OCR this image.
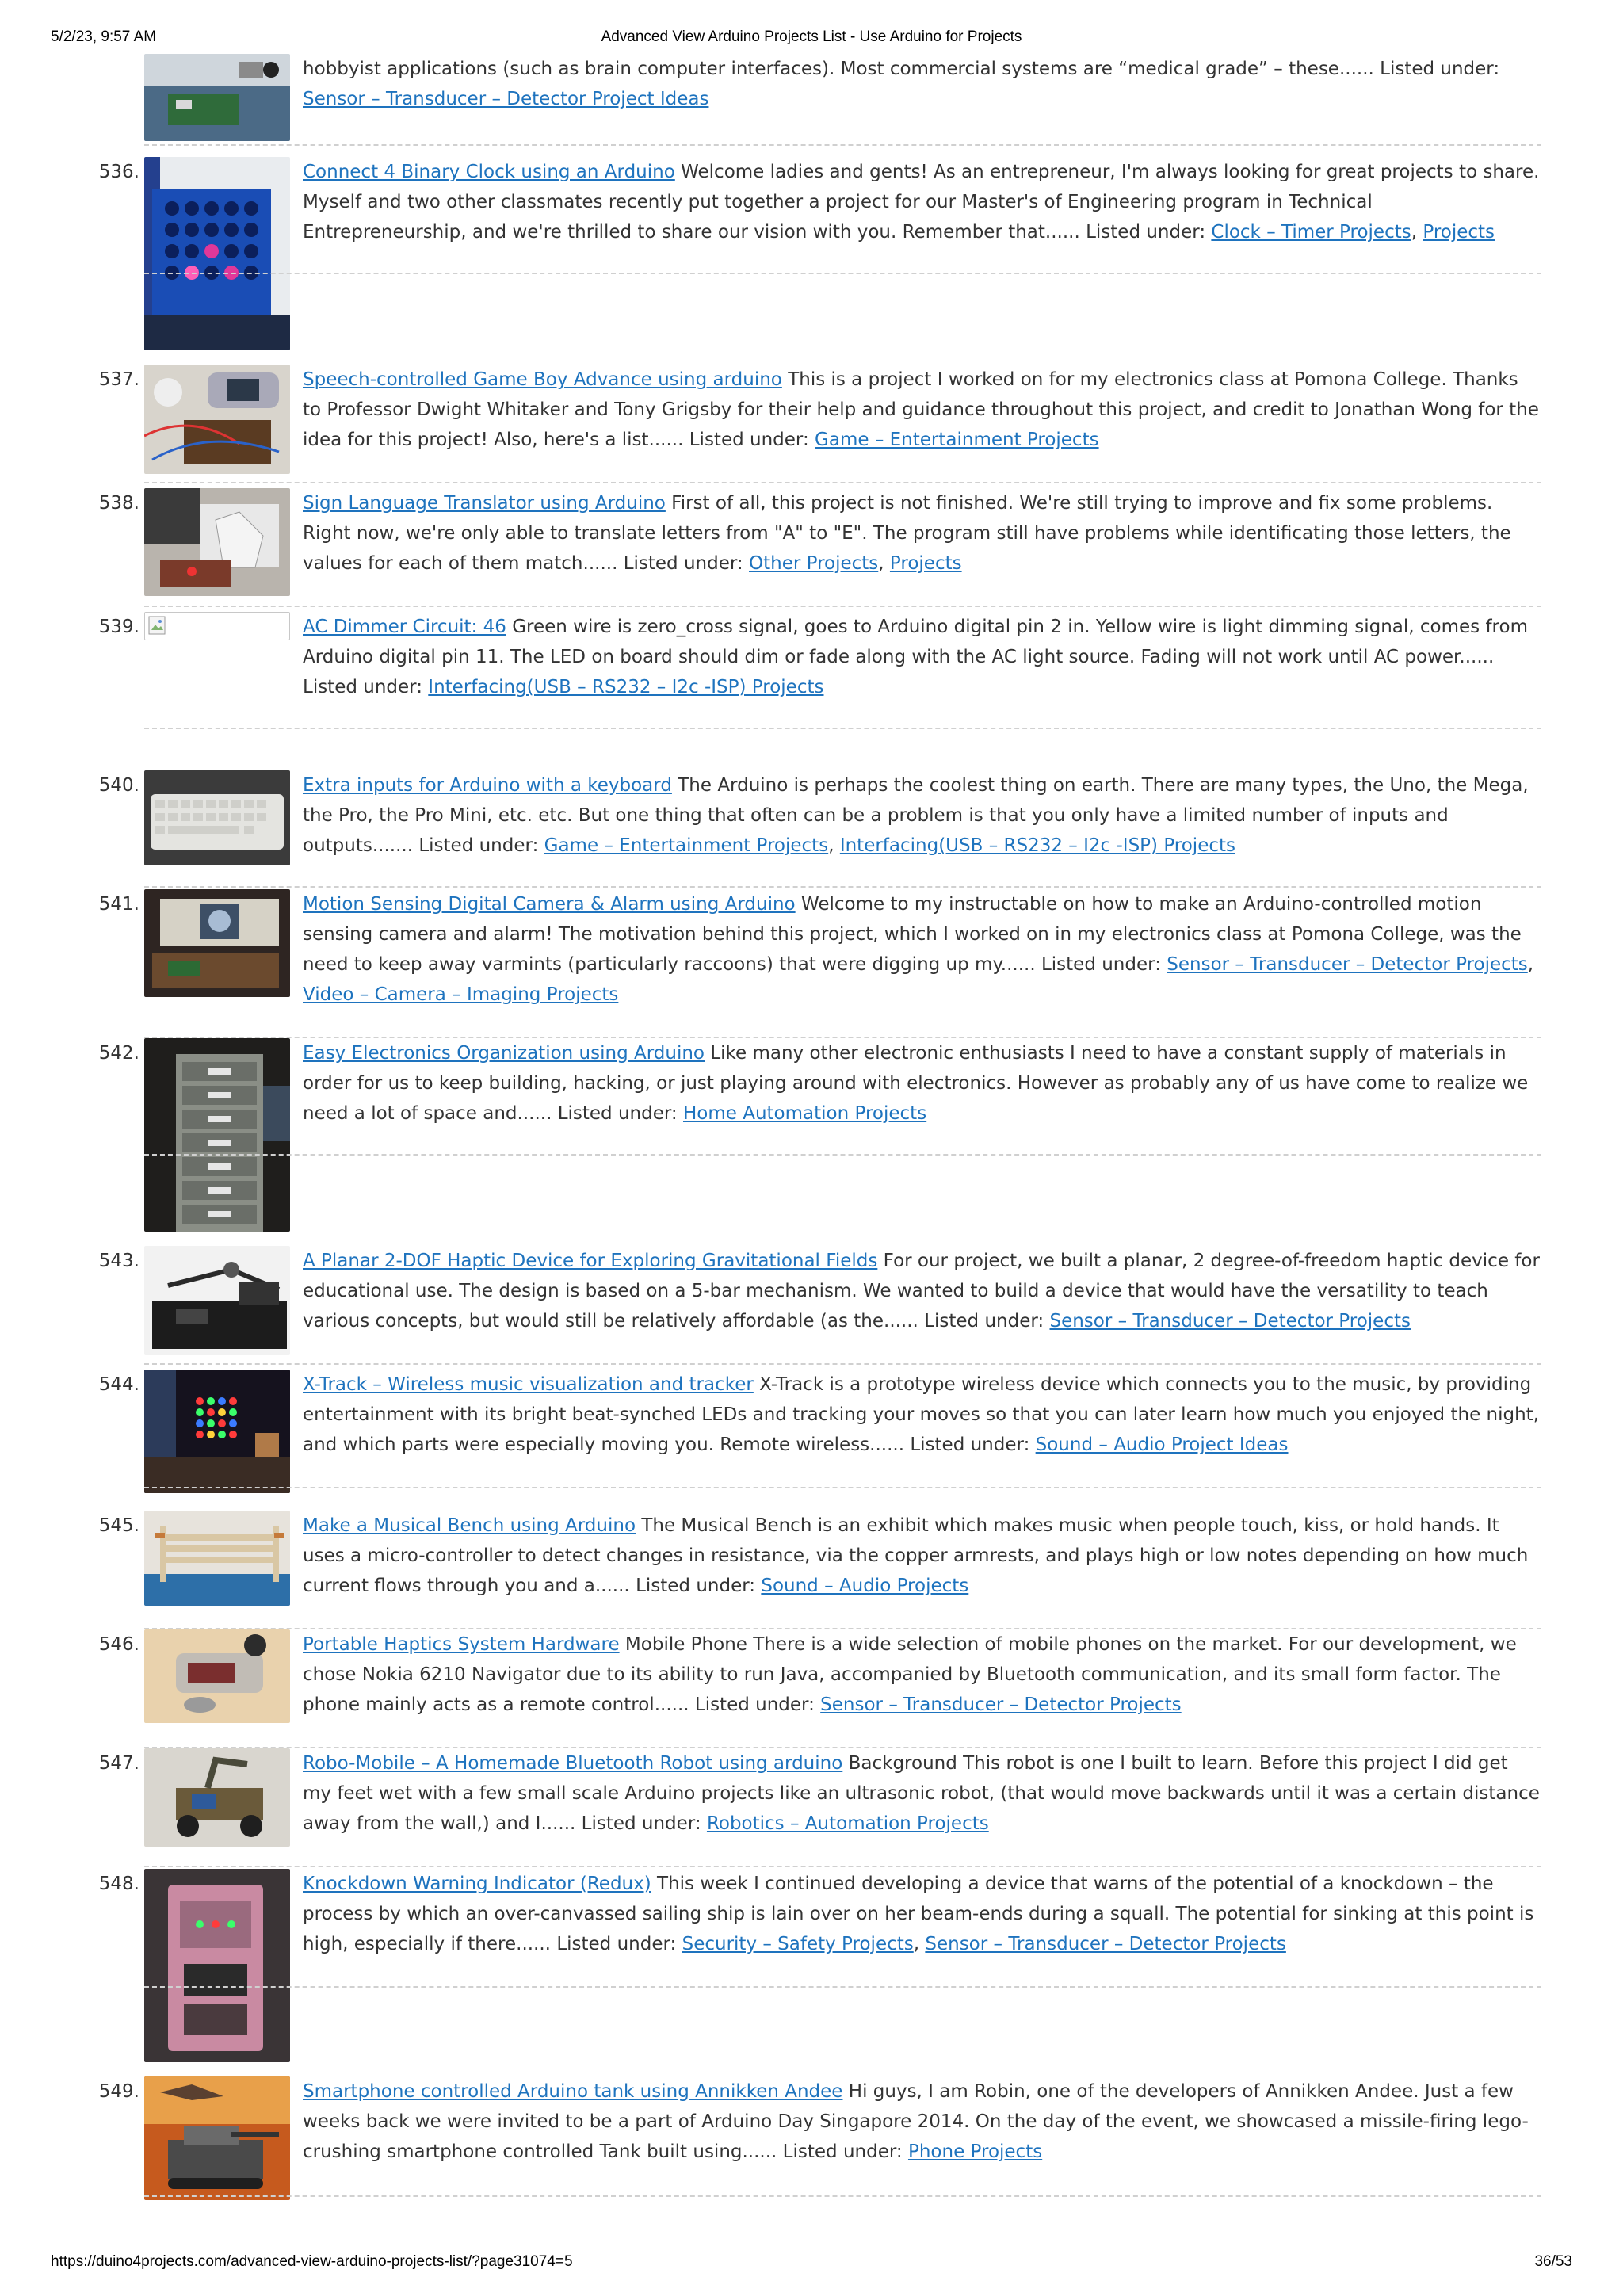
5/2/23, 9:57 AM	Advanced View Arduino Projects List - Use Arduino for Projects
hobbyist applications (such as brain computer interfaces). Most commercial systems are “medical grade” – these...... Listed under: Sensor – Transducer – Detector Project Ideas
536.	Connect 4 Binary Clock using an Arduino Welcome ladies and gents! As an entrepreneur, I'm always looking for great projects to share. Myself and two other classmates recently put together a project for our Master's of Engineering program in Technical Entrepreneurship, and we're thrilled to share our vision with you. Remember that...... Listed under: Clock – Timer Projects, Projects
537.	Speech-controlled Game Boy Advance using arduino This is a project I worked on for my electronics class at Pomona College. Thanks to Professor Dwight Whitaker and Tony Grigsby for their help and guidance throughout this project, and credit to Jonathan Wong for the idea for this project! Also, here's a list...... Listed under: Game – Entertainment Projects
538.	Sign Language Translator using Arduino First of all, this project is not finished. We're still trying to improve and fix some problems. Right now, we're only able to translate letters from "A" to "E". The program still have problems while identificating those letters, the values for each of them match...... Listed under: Other Projects, Projects
539.	AC Dimmer Circuit: 46 Green wire is zero_cross signal, goes to Arduino digital pin 2 in. Yellow wire is light dimming signal, comes from Arduino digital pin 11. The LED on board should dim or fade along with the AC light source. Fading will not work until AC power...... Listed under: Interfacing(USB – RS232 – I2c -ISP) Projects
540.	Extra inputs for Arduino with a keyboard The Arduino is perhaps the coolest thing on earth. There are many types, the Uno, the Mega, the Pro, the Pro Mini, etc. etc. But one thing that often can be a problem is that you only have a limited number of inputs and outputs....... Listed under: Game – Entertainment Projects, Interfacing(USB – RS232 – I2c -ISP) Projects
541.	Motion Sensing Digital Camera & Alarm using Arduino Welcome to my instructable on how to make an Arduino-controlled motion sensing camera and alarm! The motivation behind this project, which I worked on in my electronics class at Pomona College, was the need to keep away varmints (particularly raccoons) that were digging up my...... Listed under: Sensor – Transducer – Detector Projects, Video – Camera – Imaging Projects
542.	Easy Electronics Organization using Arduino Like many other electronic enthusiasts I need to have a constant supply of materials in order for us to keep building, hacking, or just playing around with electronics. However as probably any of us have come to realize we need a lot of space and...... Listed under: Home Automation Projects
543.	A Planar 2-DOF Haptic Device for Exploring Gravitational Fields For our project, we built a planar, 2 degree-of-freedom haptic device for educational use. The design is based on a 5-bar mechanism. We wanted to build a device that would have the versatility to teach various concepts, but would still be relatively affordable (as the...... Listed under: Sensor – Transducer – Detector Projects
544.	X-Track – Wireless music visualization and tracker X-Track is a prototype wireless device which connects you to the music, by providing entertainment with its bright beat-synched LEDs and tracking your moves so that you can later learn how much you enjoyed the night, and which parts were especially moving you. Remote wireless...... Listed under: Sound – Audio Project Ideas
545.	Make a Musical Bench using Arduino The Musical Bench is an exhibit which makes music when people touch, kiss, or hold hands. It uses a micro-controller to detect changes in resistance, via the copper armrests, and plays high or low notes depending on how much current flows through you and a...... Listed under: Sound – Audio Projects
546.	Portable Haptics System Hardware Mobile Phone There is a wide selection of mobile phones on the market. For our development, we chose Nokia 6210 Navigator due to its ability to run Java, accompanied by Bluetooth communication, and its small form factor. The phone mainly acts as a remote control...... Listed under: Sensor – Transducer – Detector Projects
547.	Robo-Mobile – A Homemade Bluetooth Robot using arduino Background This robot is one I built to learn. Before this project I did get my feet wet with a few small scale Arduino projects like an ultrasonic robot, (that would move backwards until it was a certain distance away from the wall,) and I...... Listed under: Robotics – Automation Projects
548.	Knockdown Warning Indicator (Redux) This week I continued developing a device that warns of the potential of a knockdown – the process by which an over-canvassed sailing ship is lain over on her beam-ends during a squall. The potential for sinking at this point is high, especially if there...... Listed under: Security – Safety Projects, Sensor – Transducer – Detector Projects
549.	Smartphone controlled Arduino tank using Annikken Andee Hi guys, I am Robin, one of the developers of Annikken Andee. Just a few weeks back we were invited to be a part of Arduino Day Singapore 2014. On the day of the event, we showcased a missile-firing lego-crushing smartphone controlled Tank built using...... Listed under: Phone Projects
https://duino4projects.com/advanced-view-arduino-projects-list/?page31074=5	36/53
